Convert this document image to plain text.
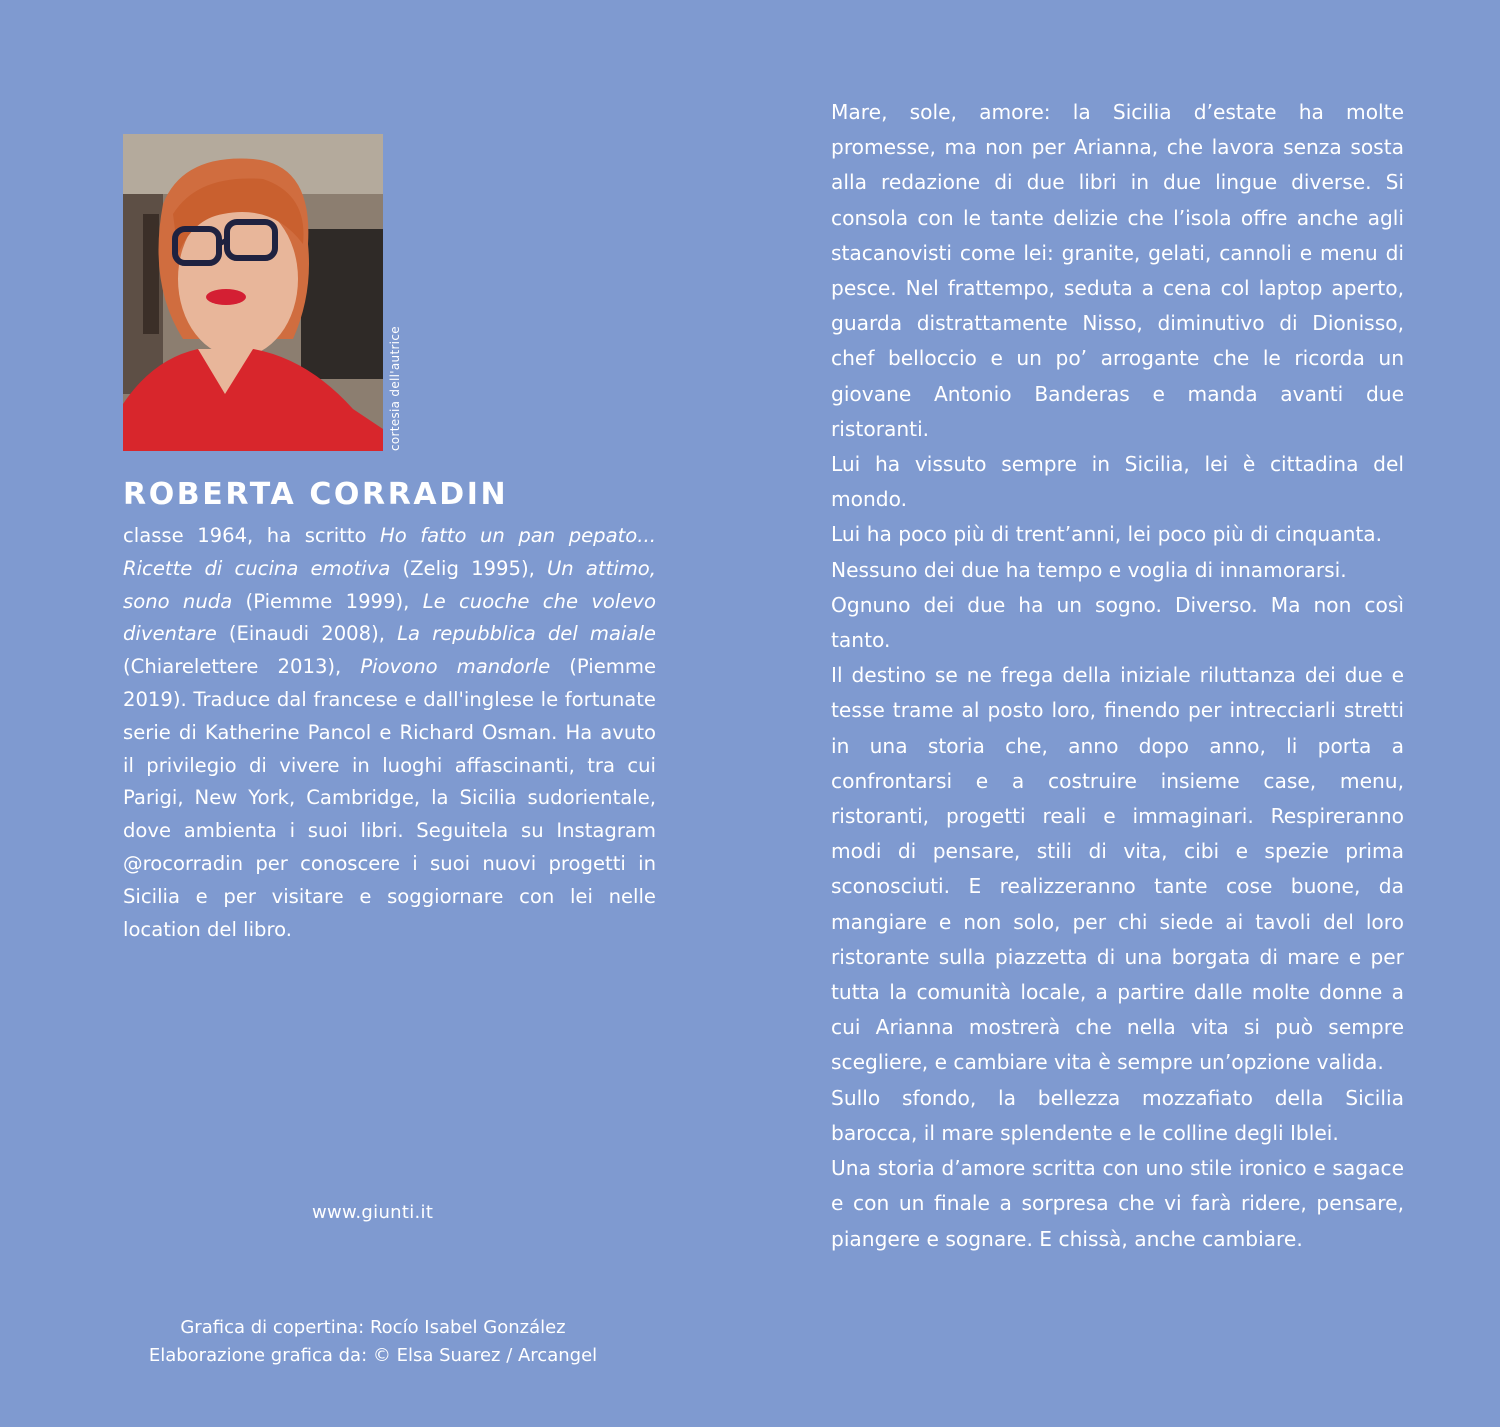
cortesia dell'autrice
ROBERTA CORRADIN

classe 1964, ha scritto Ho fatto un pan pepato... Ricette di cucina emotiva (Zelig 1995), Un attimo, sono nuda (Piemme 1999), Le cuoche che volevo diventare (Einaudi 2008), La repubblica del maiale (Chiarelettere 2013), Piovono mandorle (Piemme 2019). Traduce dal francese e dall'inglese le fortunate serie di Katherine Pancol e Richard Osman. Ha avuto il privilegio di vivere in luoghi affascinanti, tra cui Parigi, New York, Cambridge, la Sicilia sudorientale, dove ambienta i suoi libri. Seguitela su Instagram @rocorradin per conoscere i suoi nuovi progetti in Sicilia e per visitare e soggiornare con lei nelle location del libro.

www.giunti.it

Grafica di copertina: Rocío Isabel González

Elaborazione grafica da: © Elsa Suarez / Arcangel

Mare, sole, amore: la Sicilia d’estate ha molte promesse, ma non per Arianna, che lavora senza sosta alla redazione di due libri in due lingue diverse. Si consola con le tante delizie che l’isola offre anche agli stacanovisti come lei: granite, gelati, cannoli e menu di pesce. Nel frattempo, seduta a cena col laptop aperto, guarda distrattamente Nisso, diminutivo di Dionisso, chef belloccio e un po’ arrogante che le ricorda un giovane Antonio Banderas e manda avanti due ristoranti.

Lui ha vissuto sempre in Sicilia, lei è cittadina del mondo.

Lui ha poco più di trent’anni, lei poco più di cinquanta.

Nessuno dei due ha tempo e voglia di innamorarsi.

Ognuno dei due ha un sogno. Diverso. Ma non così tanto.

Il destino se ne frega della iniziale riluttanza dei due e tesse trame al posto loro, finendo per intrecciarli stretti in una storia che, anno dopo anno, li porta a confrontarsi e a costruire insieme case, menu, ristoranti, progetti reali e immaginari. Respireranno modi di pensare, stili di vita, cibi e spezie prima sconosciuti. E realizzeranno tante cose buone, da mangiare e non solo, per chi siede ai tavoli del loro ristorante sulla piazzetta di una borgata di mare e per tutta la comunità locale, a partire dalle molte donne a cui Arianna mostrerà che nella vita si può sempre scegliere, e cambiare vita è sempre un’opzione valida.

Sullo sfondo, la bellezza mozzafiato della Sicilia barocca, il mare splendente e le colline degli Iblei.

Una storia d’amore scritta con uno stile ironico e sagace e con un finale a sorpresa che vi farà ridere, pensare, piangere e sognare. E chissà, anche cambiare.
